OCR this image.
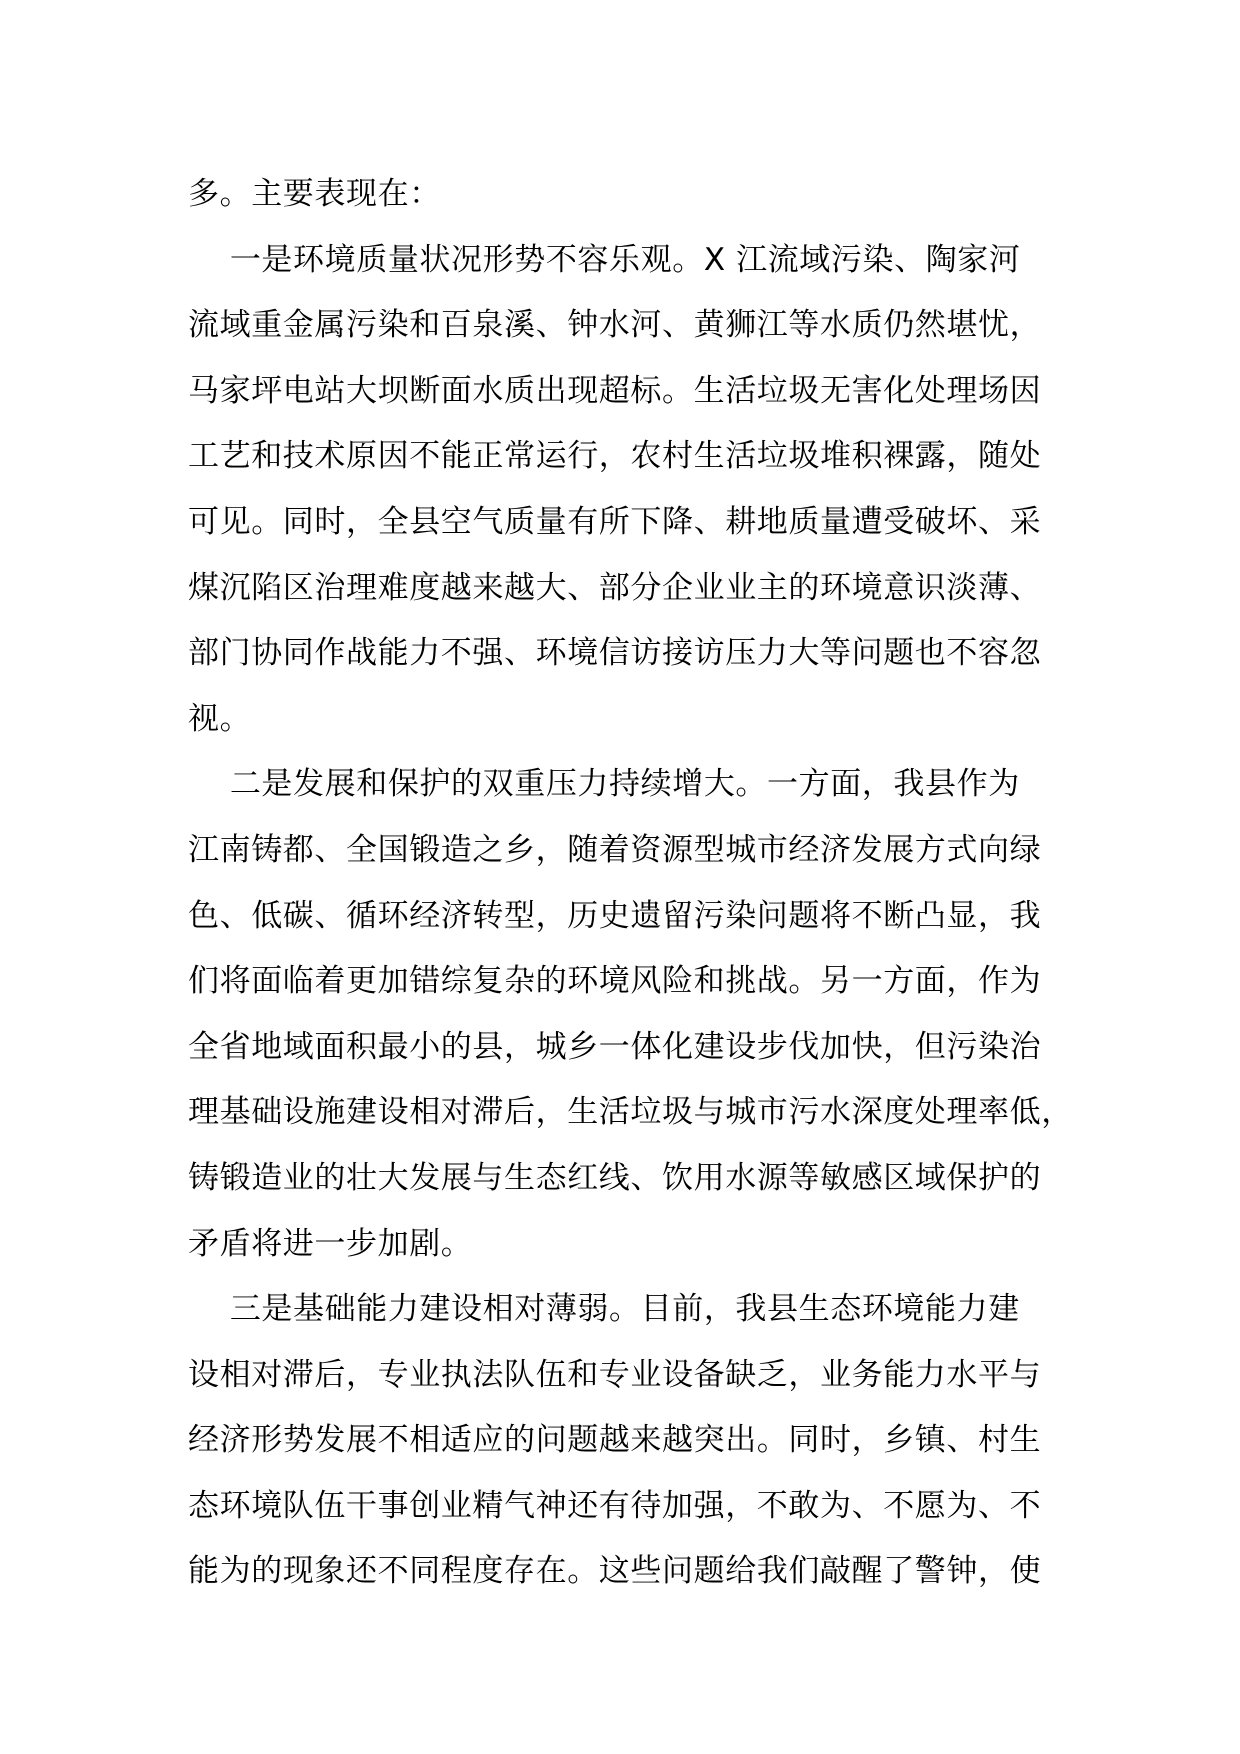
多。主要表现在：
一是环境质量状况形势不容乐观。X 江流域污染、陶家河
流域重金属污染和百泉溪、钟水河、黄狮江等水质仍然堪忧，
马家坪电站大坝断面水质出现超标。生活垃圾无害化处理场因
工艺和技术原因不能正常运行，农村生活垃圾堆积裸露，随处
可见。同时，全县空气质量有所下降、耕地质量遭受破坏、采
煤沉陷区治理难度越来越大、部分企业业主的环境意识淡薄、
部门协同作战能力不强、环境信访接访压力大等问题也不容忽
视。
二是发展和保护的双重压力持续增大。一方面，我县作为
江南铸都、全国锻造之乡，随着资源型城市经济发展方式向绿
色、低碳、循环经济转型，历史遗留污染问题将不断凸显，我
们将面临着更加错综复杂的环境风险和挑战。另一方面，作为
全省地域面积最小的县，城乡一体化建设步伐加快，但污染治
理基础设施建设相对滞后，生活垃圾与城市污水深度处理率低，
铸锻造业的壮大发展与生态红线、饮用水源等敏感区域保护的
矛盾将进一步加剧。
三是基础能力建设相对薄弱。目前，我县生态环境能力建
设相对滞后，专业执法队伍和专业设备缺乏，业务能力水平与
经济形势发展不相适应的问题越来越突出。同时，乡镇、村生
态环境队伍干事创业精气神还有待加强，不敢为、不愿为、不
能为的现象还不同程度存在。这些问题给我们敲醒了警钟，使
